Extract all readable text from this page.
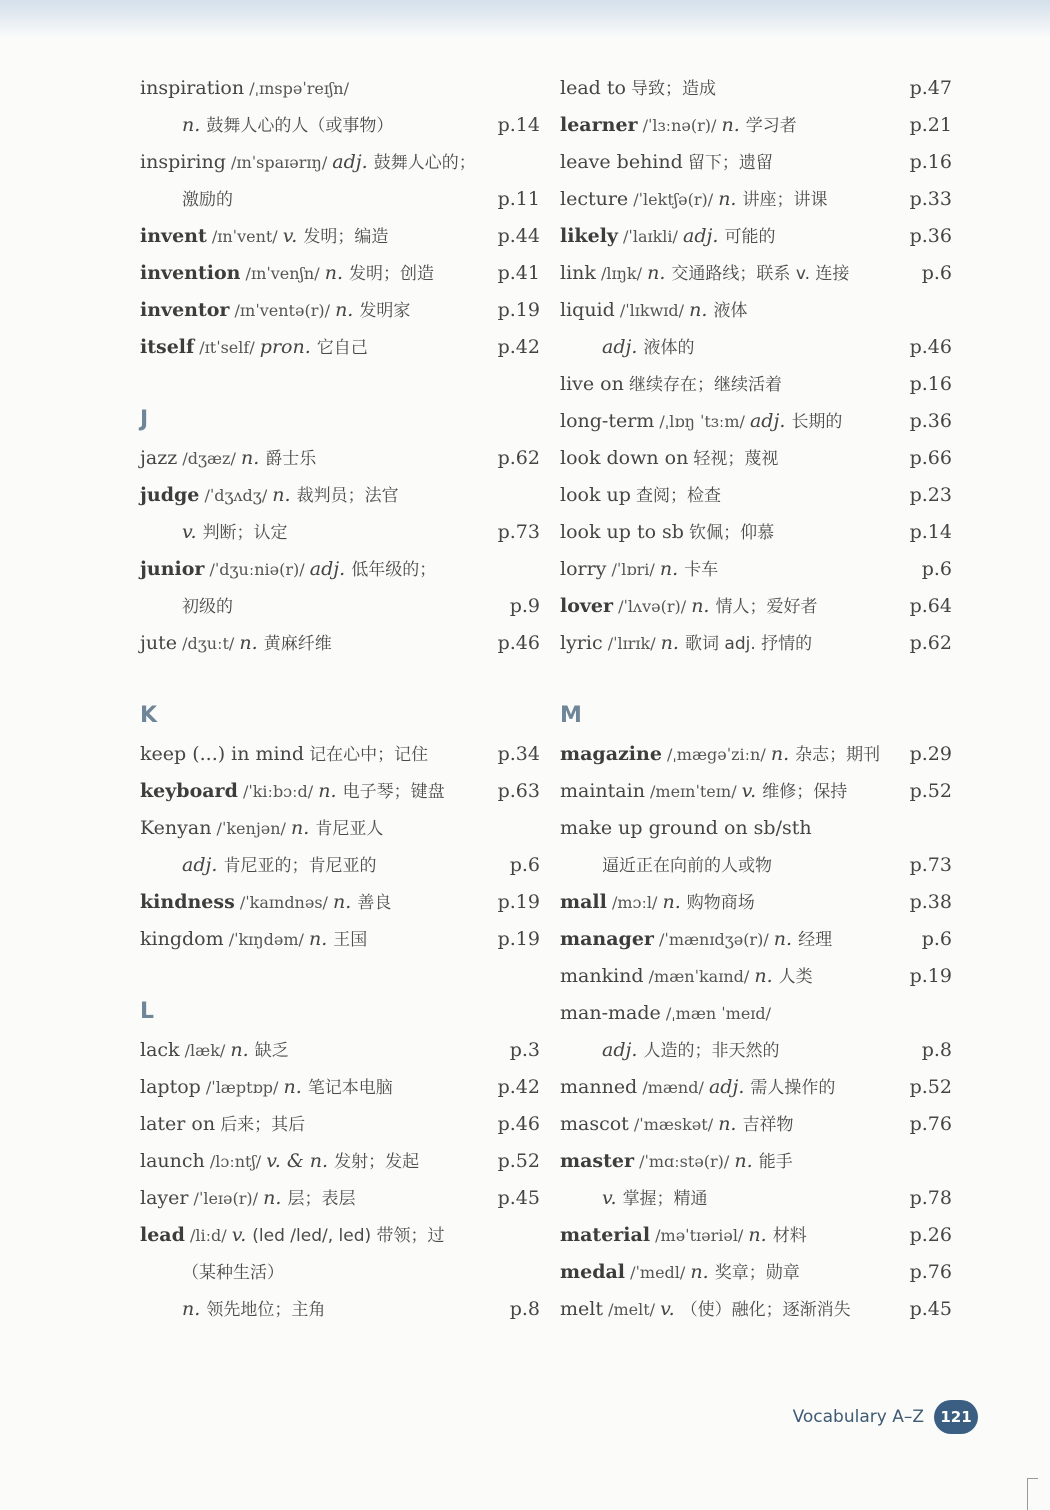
inspiration /ˌɪnspəˈreɪʃn/
n. 鼓舞人心的人（或事物）	p.14
inspiring /ɪnˈspaɪərɪŋ/ adj. 鼓舞人心的；
激励的	p.11
invent /ɪnˈvent/ v. 发明；编造	p.44
invention /ɪnˈvenʃn/ n. 发明；创造	p.41
inventor /ɪnˈventə(r)/ n. 发明家	p.19
itself /ɪtˈself/ pron. 它自己	p.42
J
jazz /dʒæz/ n. 爵士乐	p.62
judge /ˈdʒʌdʒ/ n. 裁判员；法官
v. 判断；认定	p.73
junior /ˈdʒuːniə(r)/ adj. 低年级的；
初级的	p.9
jute /dʒuːt/ n. 黄麻纤维	p.46
K
keep (...) in mind 记在心中；记住	p.34
keyboard /ˈkiːbɔːd/ n. 电子琴；键盘	p.63
Kenyan /ˈkenjən/ n. 肯尼亚人
adj. 肯尼亚的；肯尼亚的	p.6
kindness /ˈkaɪndnəs/ n. 善良	p.19
kingdom /ˈkɪŋdəm/ n. 王国	p.19
L
lack /læk/ n. 缺乏	p.3
laptop /ˈlæptɒp/ n. 笔记本电脑	p.42
later on 后来；其后	p.46
launch /lɔːntʃ/ v. & n. 发射；发起	p.52
layer /ˈleɪə(r)/ n. 层；表层	p.45
lead /liːd/ v. (led /led/, led) 带领；过
（某种生活）
n. 领先地位；主角	p.8
lead to 导致；造成	p.47
learner /ˈlɜːnə(r)/ n. 学习者	p.21
leave behind 留下；遗留	p.16
lecture /ˈlektʃə(r)/ n. 讲座；讲课	p.33
likely /ˈlaɪkli/ adj. 可能的	p.36
link /lɪŋk/ n. 交通路线；联系 v. 连接	p.6
liquid /ˈlɪkwɪd/ n. 液体
adj. 液体的	p.46
live on 继续存在；继续活着	p.16
long-term /ˌlɒŋ ˈtɜːm/ adj. 长期的	p.36
look down on 轻视；蔑视	p.66
look up 查阅；检查	p.23
look up to sb 钦佩；仰慕	p.14
lorry /ˈlɒri/ n. 卡车	p.6
lover /ˈlʌvə(r)/ n. 情人；爱好者	p.64
lyric /ˈlɪrɪk/ n. 歌词 adj. 抒情的	p.62
M
magazine /ˌmægəˈziːn/ n. 杂志；期刊 p.29
maintain /meɪnˈteɪn/ v. 维修；保持	p.52
make up ground on sb/sth
逼近正在向前的人或物	p.73
mall /mɔːl/ n. 购物商场	p.38
manager /ˈmænɪdʒə(r)/ n. 经理	p.6
mankind /mænˈkaɪnd/ n. 人类	p.19
man-made /ˌmæn ˈmeɪd/
adj. 人造的；非天然的	p.8
manned /mænd/ adj. 需人操作的	p.52
mascot /ˈmæskət/ n. 吉祥物	p.76
master /ˈmɑːstə(r)/ n. 能手
v. 掌握；精通	p.78
material /məˈtɪəriəl/ n. 材料	p.26
medal /ˈmedl/ n. 奖章；勋章	p.76
melt /melt/ v. （使）融化；逐渐消失	p.45
Vocabulary A–Z	121
